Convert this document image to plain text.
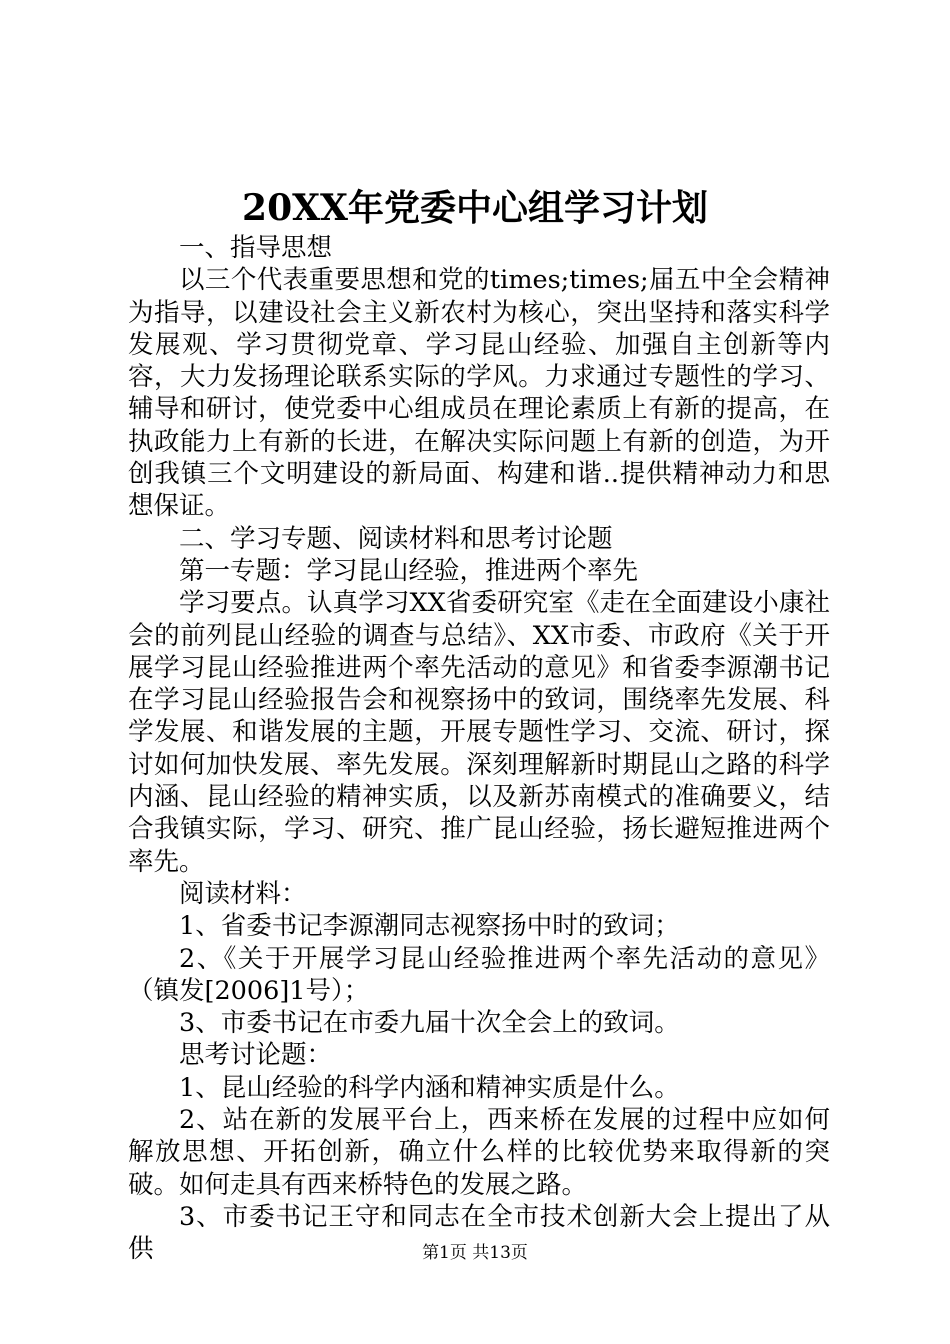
20XX年党委中心组学习计划

一、指导思想

以三个代表重要思想和党的times;times;届五中全会精神为指导，以建设社会主义新农村为核心，突出坚持和落实科学发展观、学习贯彻党章、学习昆山经验、加强自主创新等内容，大力发扬理论联系实际的学风。力求通过专题性的学习、辅导和研讨，使党委中心组成员在理论素质上有新的提高，在执政能力上有新的长进，在解决实际问题上有新的创造，为开创我镇三个文明建设的新局面、构建和谐..提供精神动力和思想保证。

二、学习专题、阅读材料和思考讨论题

第一专题：学习昆山经验，推进两个率先

学习要点。认真学习XX省委研究室《走在全面建设小康社会的前列昆山经验的调查与总结》、XX市委、市政府《关于开展学习昆山经验推进两个率先活动的意见》和省委李源潮书记在学习昆山经验报告会和视察扬中的致词，围绕率先发展、科学发展、和谐发展的主题，开展专题性学习、交流、研讨，探讨如何加快发展、率先发展。深刻理解新时期昆山之路的科学内涵、昆山经验的精神实质，以及新苏南模式的准确要义，结合我镇实际，学习、研究、推广昆山经验，扬长避短推进两个率先。

阅读材料：

1、省委书记李源潮同志视察扬中时的致词；

2、《关于开展学习昆山经验推进两个率先活动的意见》（镇发[2006]1号）；

3、市委书记在市委九届十次全会上的致词。

思考讨论题：

1、昆山经验的科学内涵和精神实质是什么。

2、站在新的发展平台上，西来桥在发展的过程中应如何解放思想、开拓创新，确立什么样的比较优势来取得新的突破。如何走具有西来桥特色的发展之路。

3、市委书记王守和同志在全市技术创新大会上提出了从供	第1页 共13页
